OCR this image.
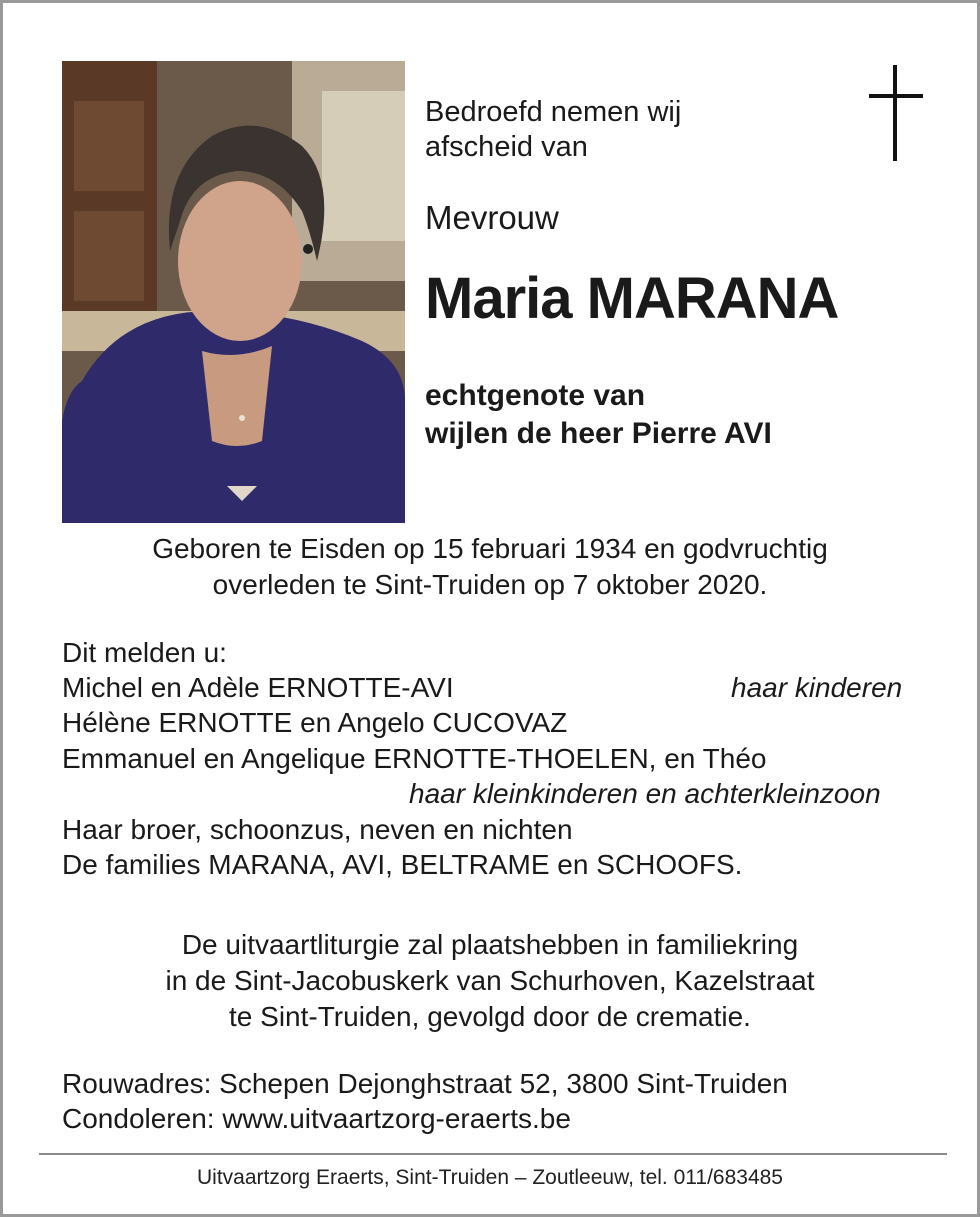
Bedroefd nemen wij
afscheid van
Mevrouw
Maria MARANA
echtgenote van
wijlen de heer Pierre AVI
Geboren te Eisden op 15 februari 1934 en godvruchtig
overleden te Sint-Truiden op 7 oktober 2020.
Dit melden u:
Michel en Adèle ERNOTTE-AVI	haar kinderen
Hélène ERNOTTE en Angelo CUCOVAZ
Emmanuel en Angelique ERNOTTE-THOELEN, en Théo
haar kleinkinderen en achterkleinzoon
Haar broer, schoonzus, neven en nichten
De families MARANA, AVI, BELTRAME en SCHOOFS.
De uitvaartliturgie zal plaatshebben in familiekring
in de Sint-Jacobuskerk van Schurhoven, Kazelstraat
te Sint-Truiden, gevolgd door de crematie.
Rouwadres: Schepen Dejonghstraat 52, 3800 Sint-Truiden
Condoleren: www.uitvaartzorg-eraerts.be
Uitvaartzorg Eraerts, Sint-Truiden – Zoutleeuw, tel. 011/683485
